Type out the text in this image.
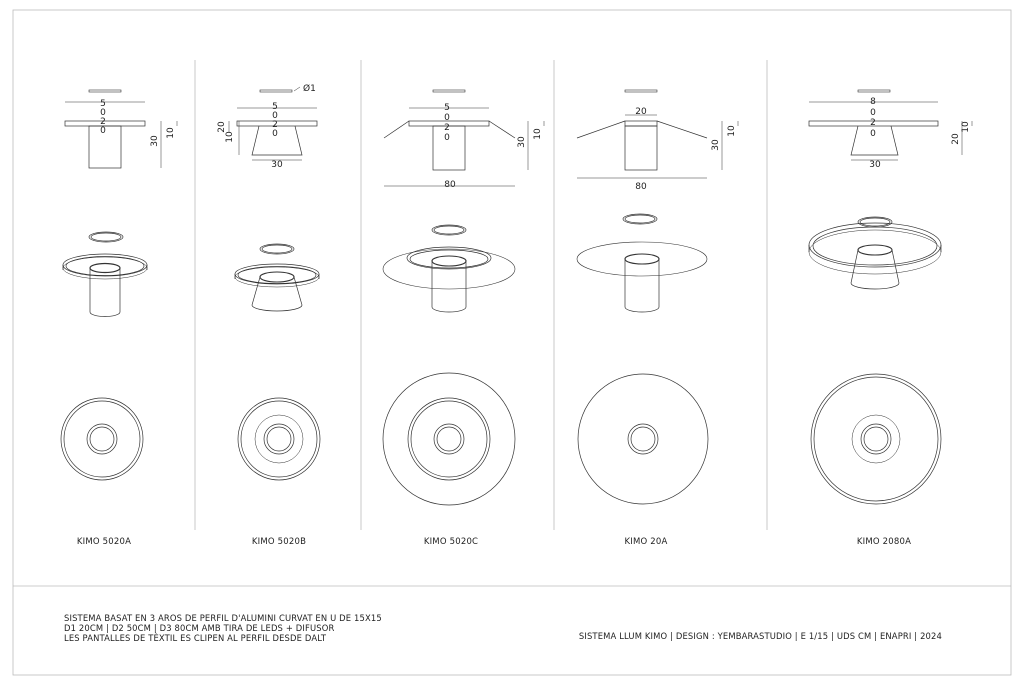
5
0
2
0
30
10
Ø1
5
0
2
0
20
10
30
5
0
2
0	30
10
80
20
30
10
80
8
0
2
0	20
10
30
KIMO 5020A	KIMO 5020B	KIMO 5020C	KIMO 20A	KIMO 2080A
SISTEMA BASAT EN 3 AROS DE PERFIL D'ALUMINI CURVAT EN U DE 15X15
D1 20CM | D2 50CM | D3 80CM AMB TIRA DE LEDS + DIFUSOR
LES PANTALLES DE TÈXTIL ES CLIPEN AL PERFIL DESDE DALT	SISTEMA LLUM KIMO | DESIGN : YEMBARASTUDIO | E 1/15 | UDS CM | ENAPRI | 2024
